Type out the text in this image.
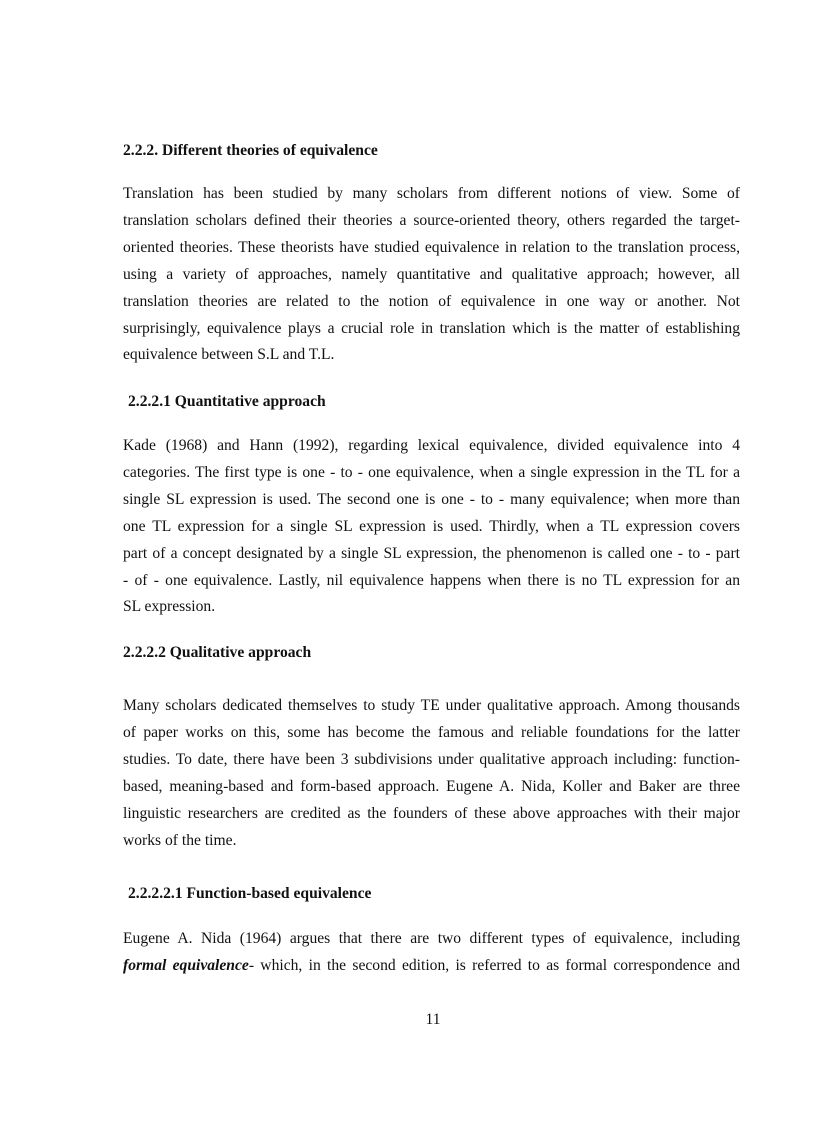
2.2.2. Different theories of equivalence
Translation has been studied by many scholars from different notions of view. Some of
translation scholars defined their theories a source-oriented theory, others regarded the target-
oriented theories. These theorists have studied equivalence in relation to the translation process,
using a variety of approaches, namely quantitative and qualitative approach; however, all
translation theories are related to the notion of equivalence in one way or another. Not
surprisingly, equivalence plays a crucial role in translation which is the matter of establishing
equivalence between S.L and T.L.
2.2.2.1 Quantitative approach
Kade (1968) and Hann (1992), regarding lexical equivalence, divided equivalence into 4
categories. The first type is one - to - one equivalence, when a single expression in the TL for a
single SL expression is used. The second one is one - to - many equivalence; when more than
one TL expression for a single SL expression is used. Thirdly, when a TL expression covers
part of a concept designated by a single SL expression, the phenomenon is called one - to - part
- of - one equivalence. Lastly, nil equivalence happens when there is no TL expression for an
SL expression.
2.2.2.2 Qualitative approach
Many scholars dedicated themselves to study TE under qualitative approach. Among thousands
of paper works on this, some has become the famous and reliable foundations for the latter
studies. To date, there have been 3 subdivisions under qualitative approach including: function-
based, meaning-based and form-based approach. Eugene A. Nida, Koller and Baker are three
linguistic researchers are credited as the founders of these above approaches with their major
works of the time.
2.2.2.2.1 Function-based equivalence
Eugene A. Nida (1964) argues that there are two different types of equivalence, including
formal equivalence- which, in the second edition, is referred to as formal correspondence and
11
